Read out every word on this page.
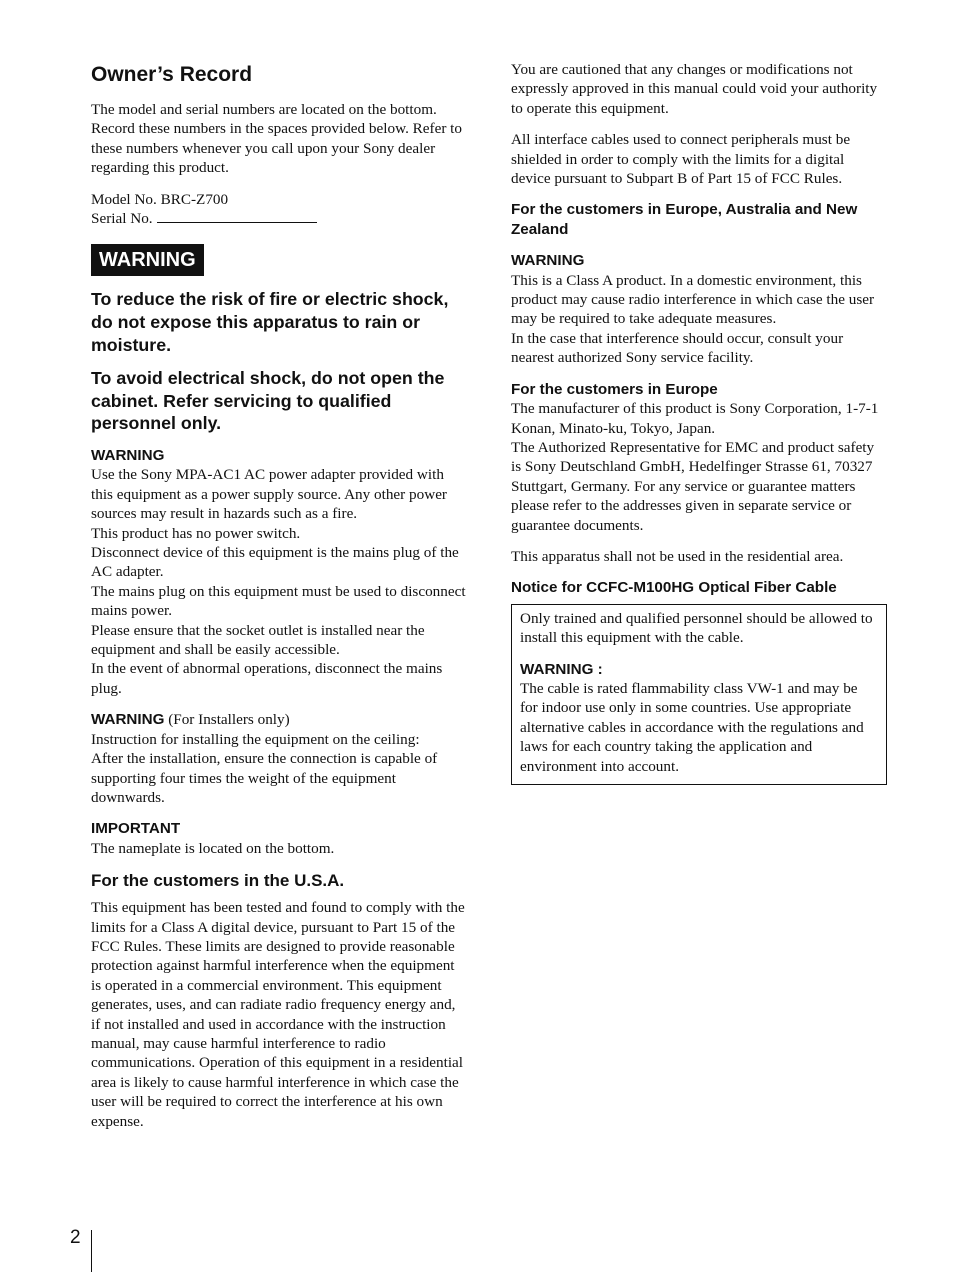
Owner’s Record

The model and serial numbers are located on the bottom. Record these numbers in the spaces provided below. Refer to these numbers whenever you call upon your Sony dealer regarding this product.

Model No. BRC-Z700

Serial No.

WARNING

To reduce the risk of fire or electric shock, do not expose this apparatus to rain or moisture.

To avoid electrical shock, do not open the cabinet. Refer servicing to qualified personnel only.

WARNING

Use the Sony MPA-AC1 AC power adapter provided with this equipment as a power supply source. Any other power sources may result in hazards such as a fire.

This product has no power switch.

Disconnect device of this equipment is the mains plug of the AC adapter.

The mains plug on this equipment must be used to disconnect mains power.

Please ensure that the socket outlet is installed near the equipment and shall be easily accessible.

In the event of abnormal operations, disconnect the mains plug.

WARNING (For Installers only)

Instruction for installing the equipment on the ceiling:

After the installation, ensure the connection is capable of supporting four times the weight of the equipment downwards.

IMPORTANT

The nameplate is located on the bottom.

For the customers in the U.S.A.

This equipment has been tested and found to comply with the limits for a Class A digital device, pursuant to Part 15 of the FCC Rules. These limits are designed to provide reasonable protection against harmful interference when the equipment is operated in a commercial environment. This equipment generates, uses, and can radiate radio frequency energy and, if not installed and used in accordance with the instruction manual, may cause harmful interference to radio communications. Operation of this equipment in a residential area is likely to cause harmful interference in which case the user will be required to correct the interference at his own expense.

You are cautioned that any changes or modifications not expressly approved in this manual could void your authority to operate this equipment.

All interface cables used to connect peripherals must be shielded in order to comply with the limits for a digital device pursuant to Subpart B of Part 15 of FCC Rules.

For the customers in Europe, Australia and New Zealand

WARNING

This is a Class A product. In a domestic environment, this product may cause radio interference in which case the user may be required to take adequate measures.

In the case that interference should occur, consult your nearest authorized Sony service facility.

For the customers in Europe

The manufacturer of this product is Sony Corporation, 1-7-1 Konan, Minato-ku, Tokyo, Japan.

The Authorized Representative for EMC and product safety is Sony Deutschland GmbH, Hedelfinger Strasse 61, 70327 Stuttgart, Germany. For any service or guarantee matters please refer to the addresses given in separate service or guarantee documents.

This apparatus shall not be used in the residential area.

Notice for CCFC-M100HG Optical Fiber Cable

Only trained and qualified personnel should be allowed to install this equipment with the cable.

WARNING :

The cable is rated flammability class VW-1 and may be for indoor use only in some countries. Use appropriate alternative cables in accordance with the regulations and laws for each country taking the application and environment into account.

2
